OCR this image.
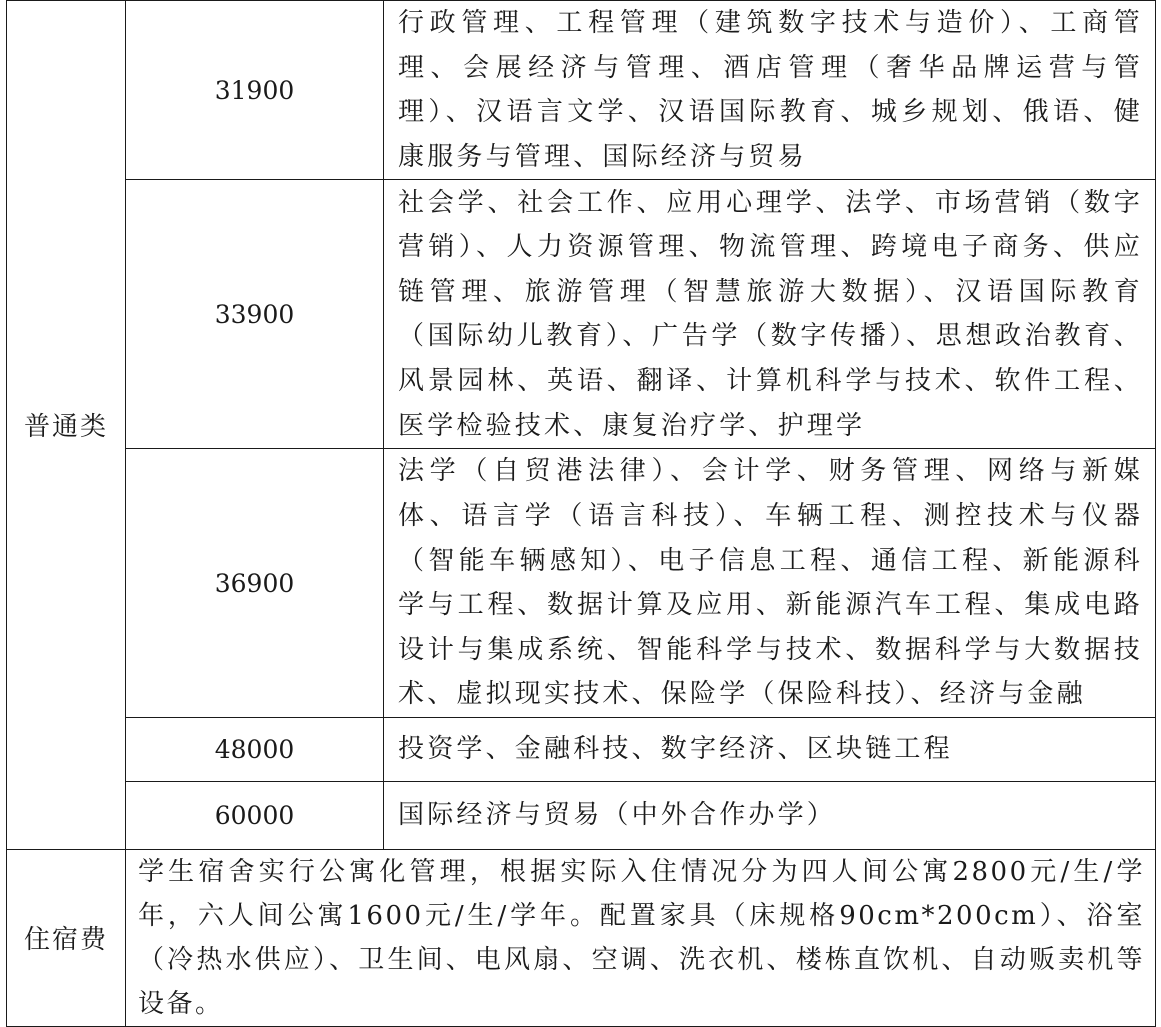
普通类	31900	行政管理、工程管理（建筑数字技术与造价）、工商管理、会展经济与管理、酒店管理（奢华品牌运营与管理）、汉语言文学、汉语国际教育、城乡规划、俄语、健康服务与管理、国际经济与贸易
	33900	社会学、社会工作、应用心理学、法学、市场营销（数字营销）、人力资源管理、物流管理、跨境电子商务、供应链管理、旅游管理（智慧旅游大数据）、汉语国际教育（国际幼儿教育）、广告学（数字传播）、思想政治教育、风景园林、英语、翻译、计算机科学与技术、软件工程、医学检验技术、康复治疗学、护理学
	36900	法学（自贸港法律）、会计学、财务管理、网络与新媒体、语言学（语言科技）、车辆工程、测控技术与仪器（智能车辆感知）、电子信息工程、通信工程、新能源科学与工程、数据计算及应用、新能源汽车工程、集成电路设计与集成系统、智能科学与技术、数据科学与大数据技术、虚拟现实技术、保险学（保险科技）、经济与金融
	48000	投资学、金融科技、数字经济、区块链工程
	60000	国际经济与贸易（中外合作办学）
住宿费	学生宿舍实行公寓化管理，根据实际入住情况分为四人间公寓2800元/生/学年，六人间公寓1600元/生/学年。配置家具（床规格90cm*200cm）、浴室（冷热水供应）、卫生间、电风扇、空调、洗衣机、楼栋直饮机、自动贩卖机等设备。	
